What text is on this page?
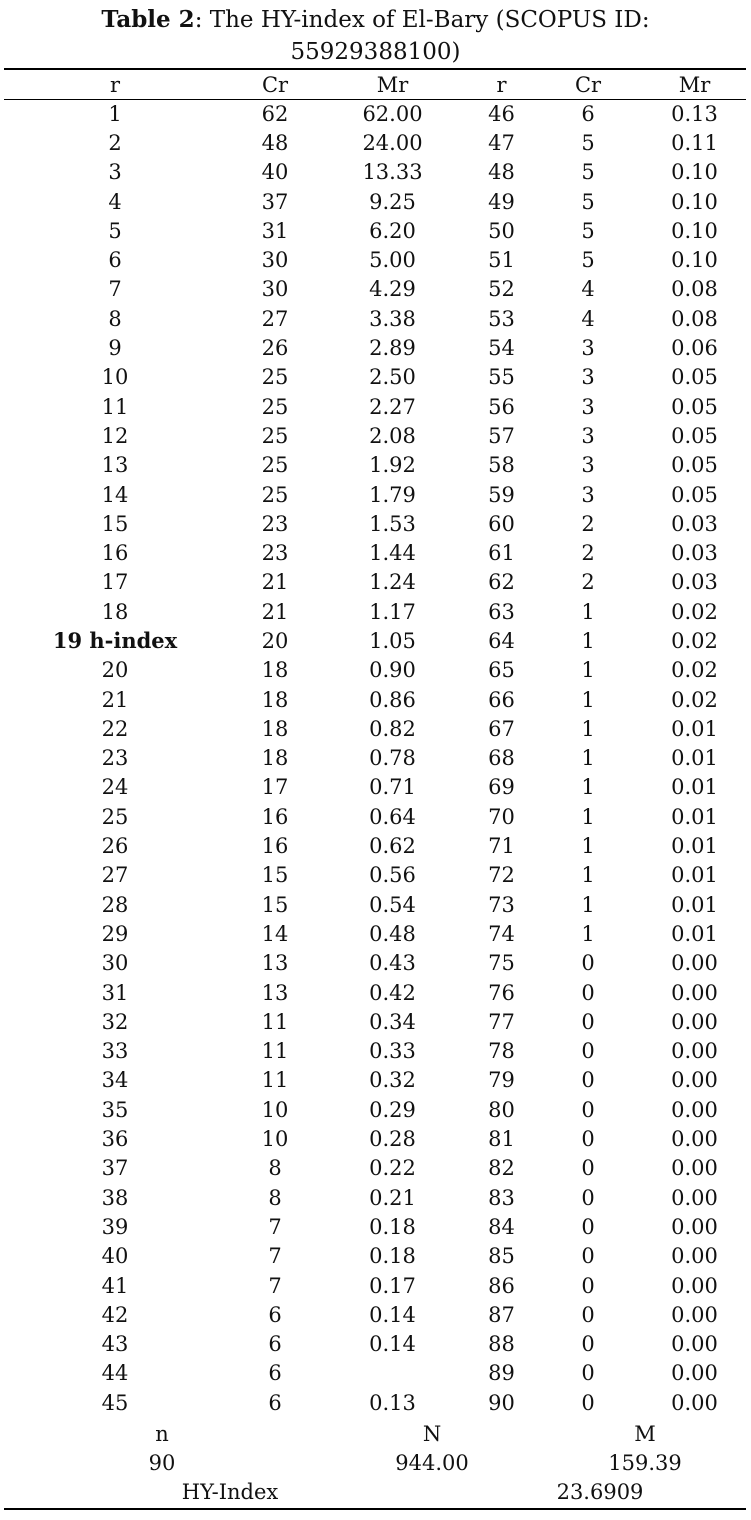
Table 2: The HY-index of El-Bary (SCOPUS ID:
55929388100)
r	Cr	Mr	r	Cr	Mr
1	62	62.00	46	6	0.13
2	48	24.00	47	5	0.11
3	40	13.33	48	5	0.10
4	37	9.25	49	5	0.10
5	31	6.20	50	5	0.10
6	30	5.00	51	5	0.10
7	30	4.29	52	4	0.08
8	27	3.38	53	4	0.08
9	26	2.89	54	3	0.06
10	25	2.50	55	3	0.05
11	25	2.27	56	3	0.05
12	25	2.08	57	3	0.05
13	25	1.92	58	3	0.05
14	25	1.79	59	3	0.05
15	23	1.53	60	2	0.03
16	23	1.44	61	2	0.03
17	21	1.24	62	2	0.03
18	21	1.17	63	1	0.02
19 h-index	20	1.05	64	1	0.02
20	18	0.90	65	1	0.02
21	18	0.86	66	1	0.02
22	18	0.82	67	1	0.01
23	18	0.78	68	1	0.01
24	17	0.71	69	1	0.01
25	16	0.64	70	1	0.01
26	16	0.62	71	1	0.01
27	15	0.56	72	1	0.01
28	15	0.54	73	1	0.01
29	14	0.48	74	1	0.01
30	13	0.43	75	0	0.00
31	13	0.42	76	0	0.00
32	11	0.34	77	0	0.00
33	11	0.33	78	0	0.00
34	11	0.32	79	0	0.00
35	10	0.29	80	0	0.00
36	10	0.28	81	0	0.00
37	8	0.22	82	0	0.00
38	8	0.21	83	0	0.00
39	7	0.18	84	0	0.00
40	7	0.18	85	0	0.00
41	7	0.17	86	0	0.00
42	6	0.14	87	0	0.00
43	6	0.14	88	0	0.00
44	6		89	0	0.00
45	6	0.13	90	0	0.00
n	N	M
90	944.00	159.39
HY-Index	23.6909
